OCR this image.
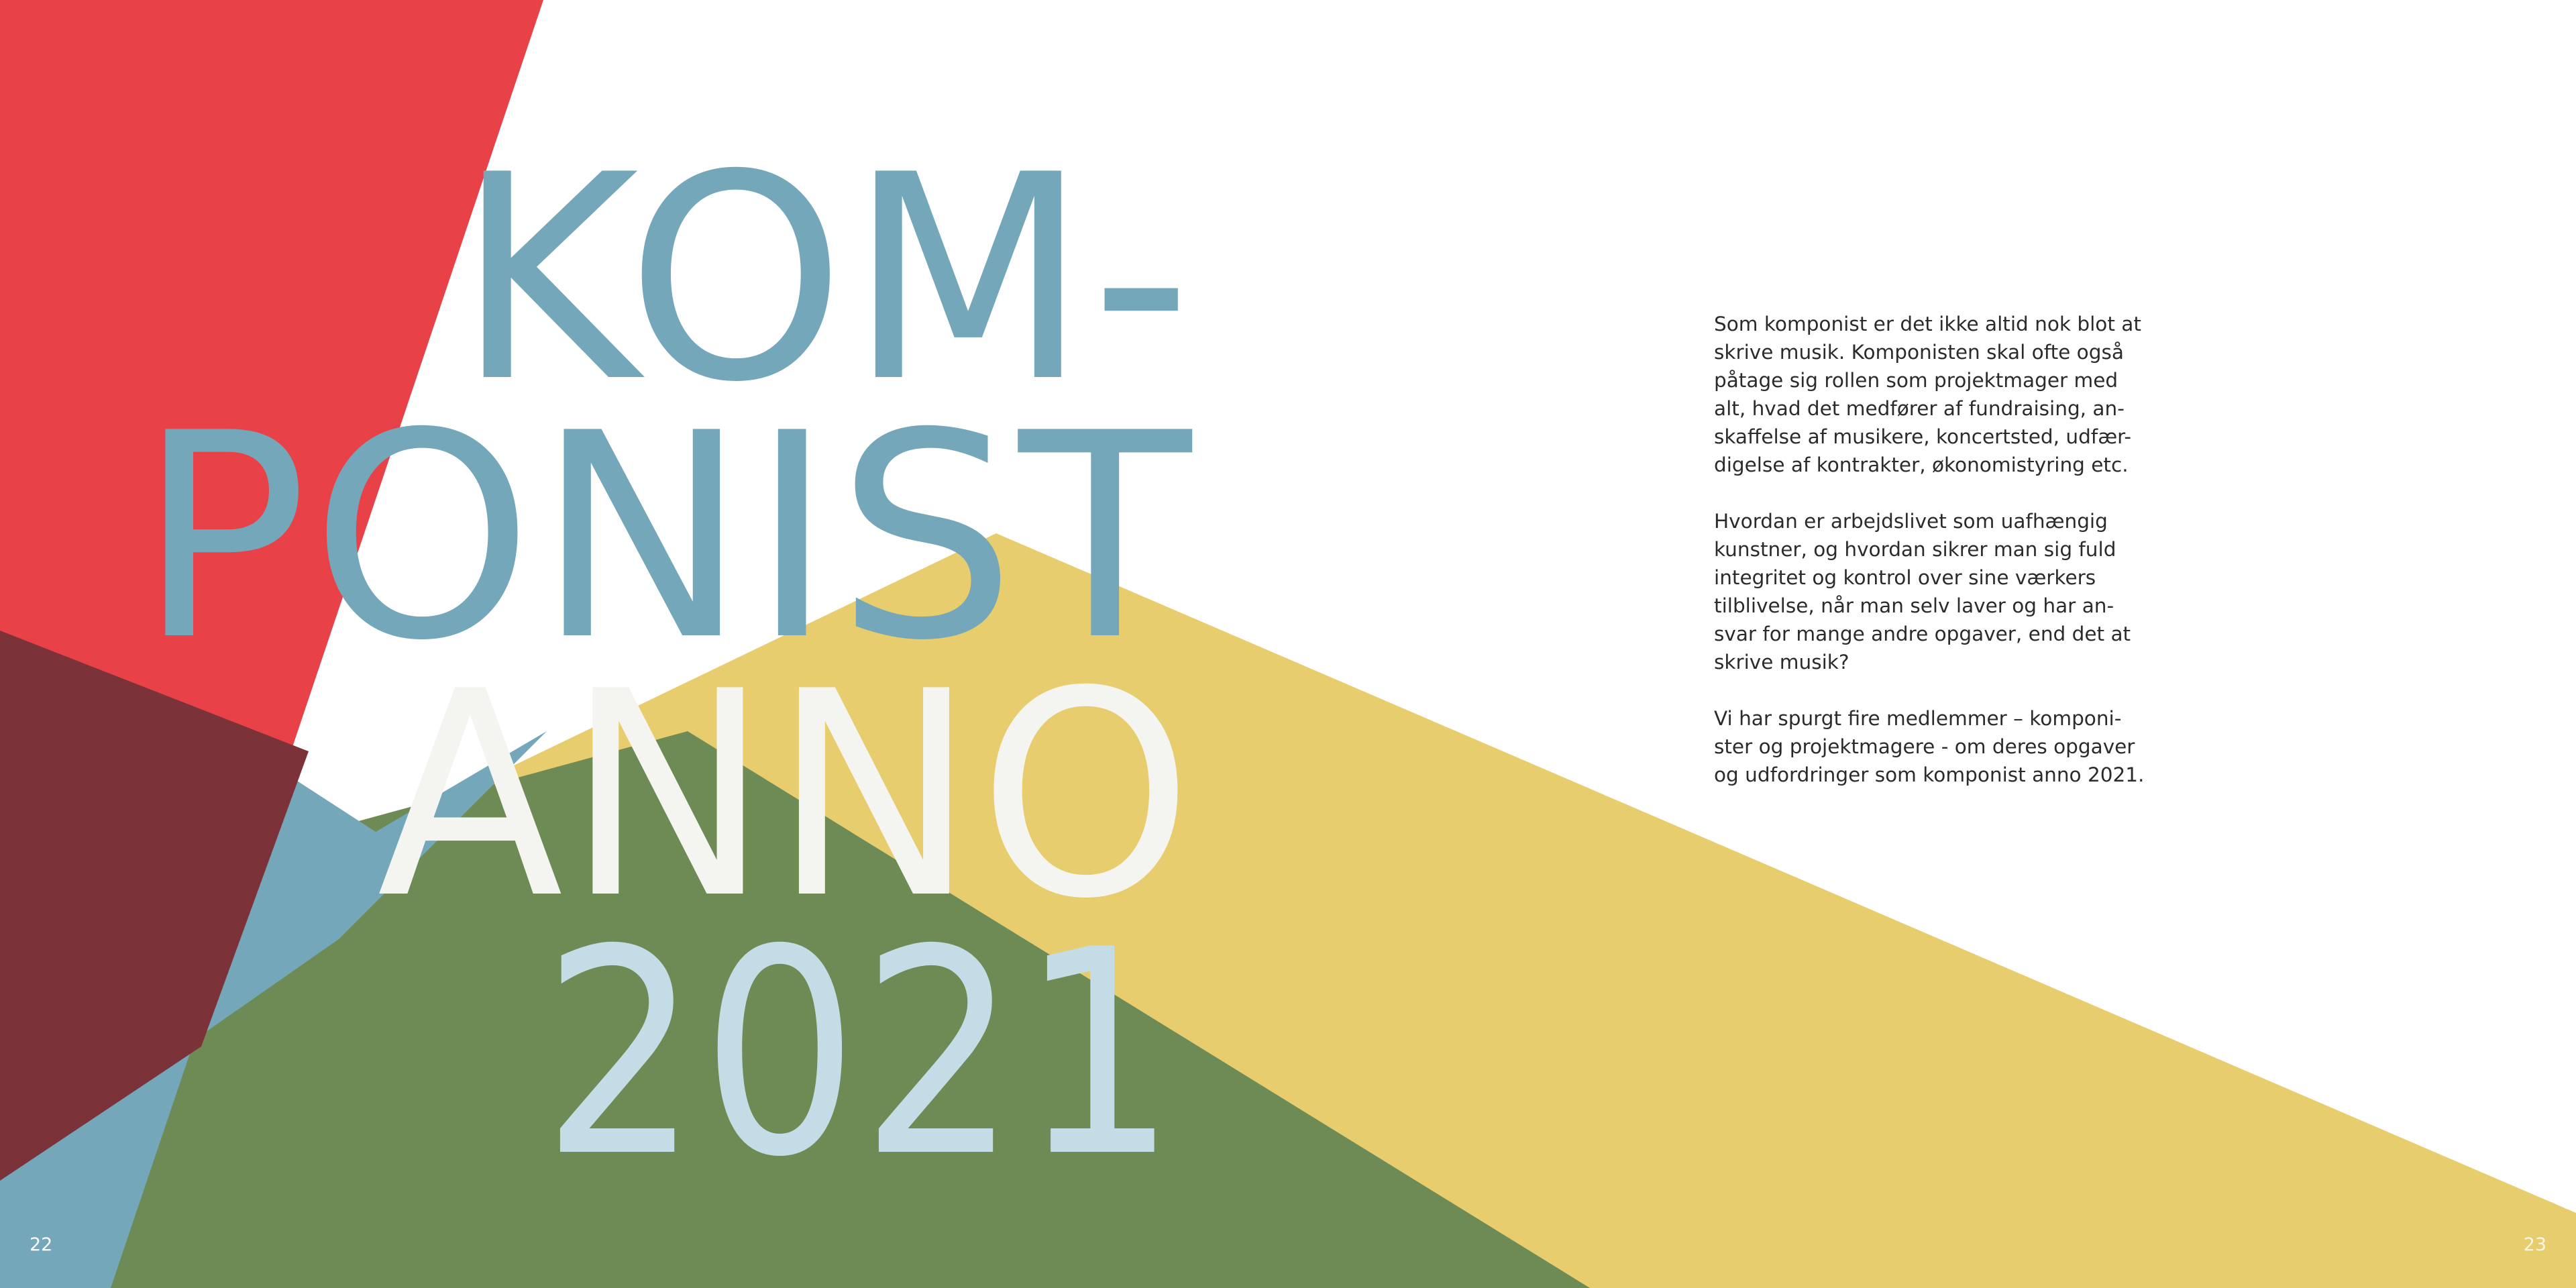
KOM-
PONIST
ANNO
2021

Som komponist er det ikke altid nok blot at
skrive musik. Komponisten skal ofte også
påtage sig rollen som projektmager med
alt, hvad det medfører af fundraising, an-
skaffelse af musikere, koncertsted, udfær-
digelse af kontrakter, økonomistyring etc.

Hvordan er arbejdslivet som uafhængig
kunstner, og hvordan sikrer man sig fuld
integritet og kontrol over sine værkers
tilblivelse, når man selv laver og har an-
svar for mange andre opgaver, end det at
skrive musik?

Vi har spurgt fire medlemmer – komponi-
ster og projektmagere - om deres opgaver
og udfordringer som komponist anno 2021.

22	23
